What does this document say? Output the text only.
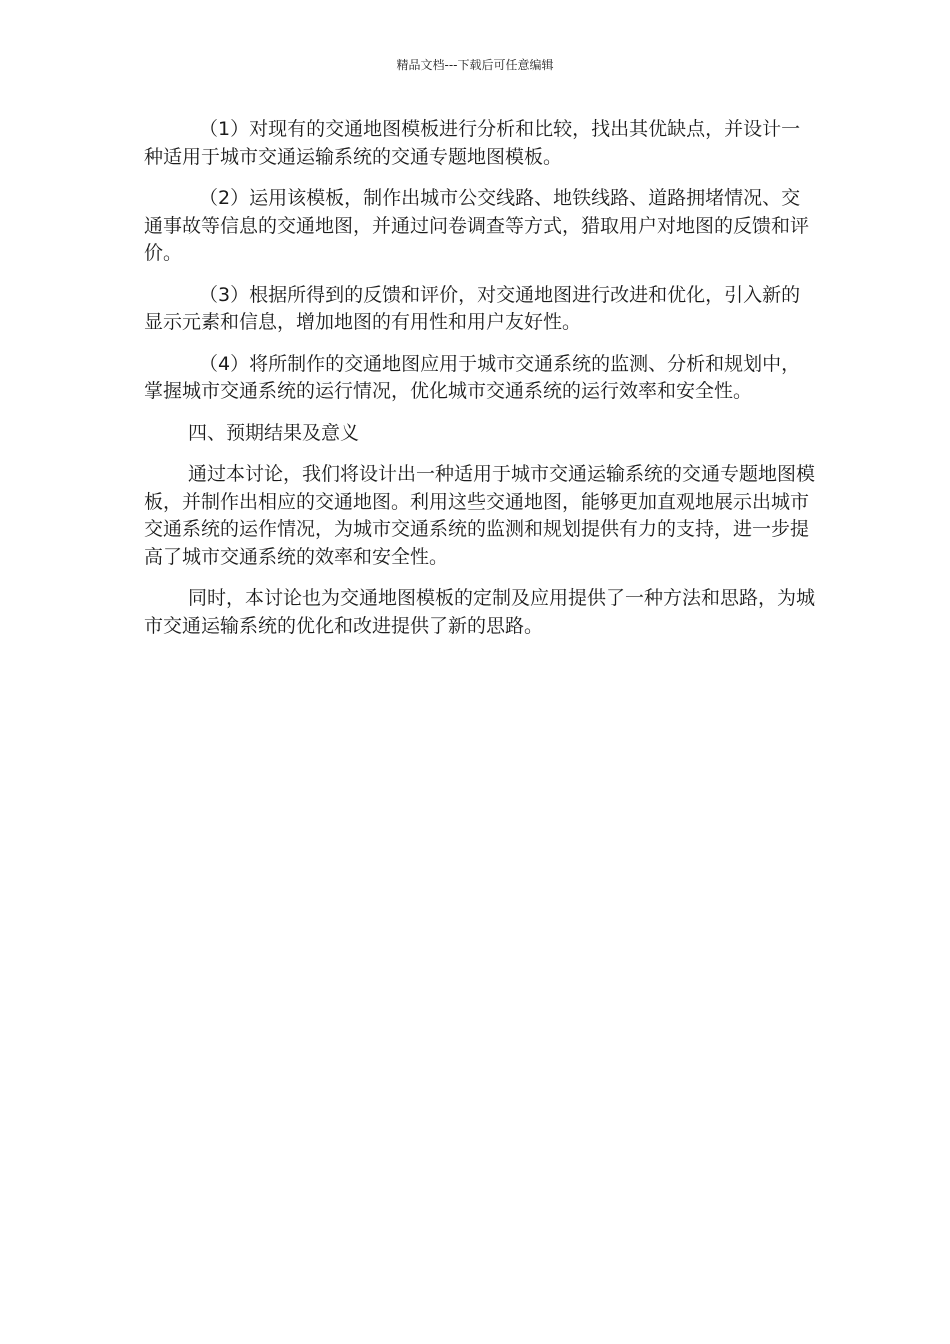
精品文档---下载后可任意编辑

（1）对现有的交通地图模板进行分析和比较，找出其优缺点，并设计一种适用于城市交通运输系统的交通专题地图模板。

（2）运用该模板，制作出城市公交线路、地铁线路、道路拥堵情况、交通事故等信息的交通地图，并通过问卷调查等方式，猎取用户对地图的反馈和评价。

（3）根据所得到的反馈和评价，对交通地图进行改进和优化，引入新的显示元素和信息，增加地图的有用性和用户友好性。

（4）将所制作的交通地图应用于城市交通系统的监测、分析和规划中，掌握城市交通系统的运行情况，优化城市交通系统的运行效率和安全性。

四、预期结果及意义

通过本讨论，我们将设计出一种适用于城市交通运输系统的交通专题地图模板，并制作出相应的交通地图。利用这些交通地图，能够更加直观地展示出城市交通系统的运作情况，为城市交通系统的监测和规划提供有力的支持，进一步提高了城市交通系统的效率和安全性。

同时，本讨论也为交通地图模板的定制及应用提供了一种方法和思路，为城市交通运输系统的优化和改进提供了新的思路。
